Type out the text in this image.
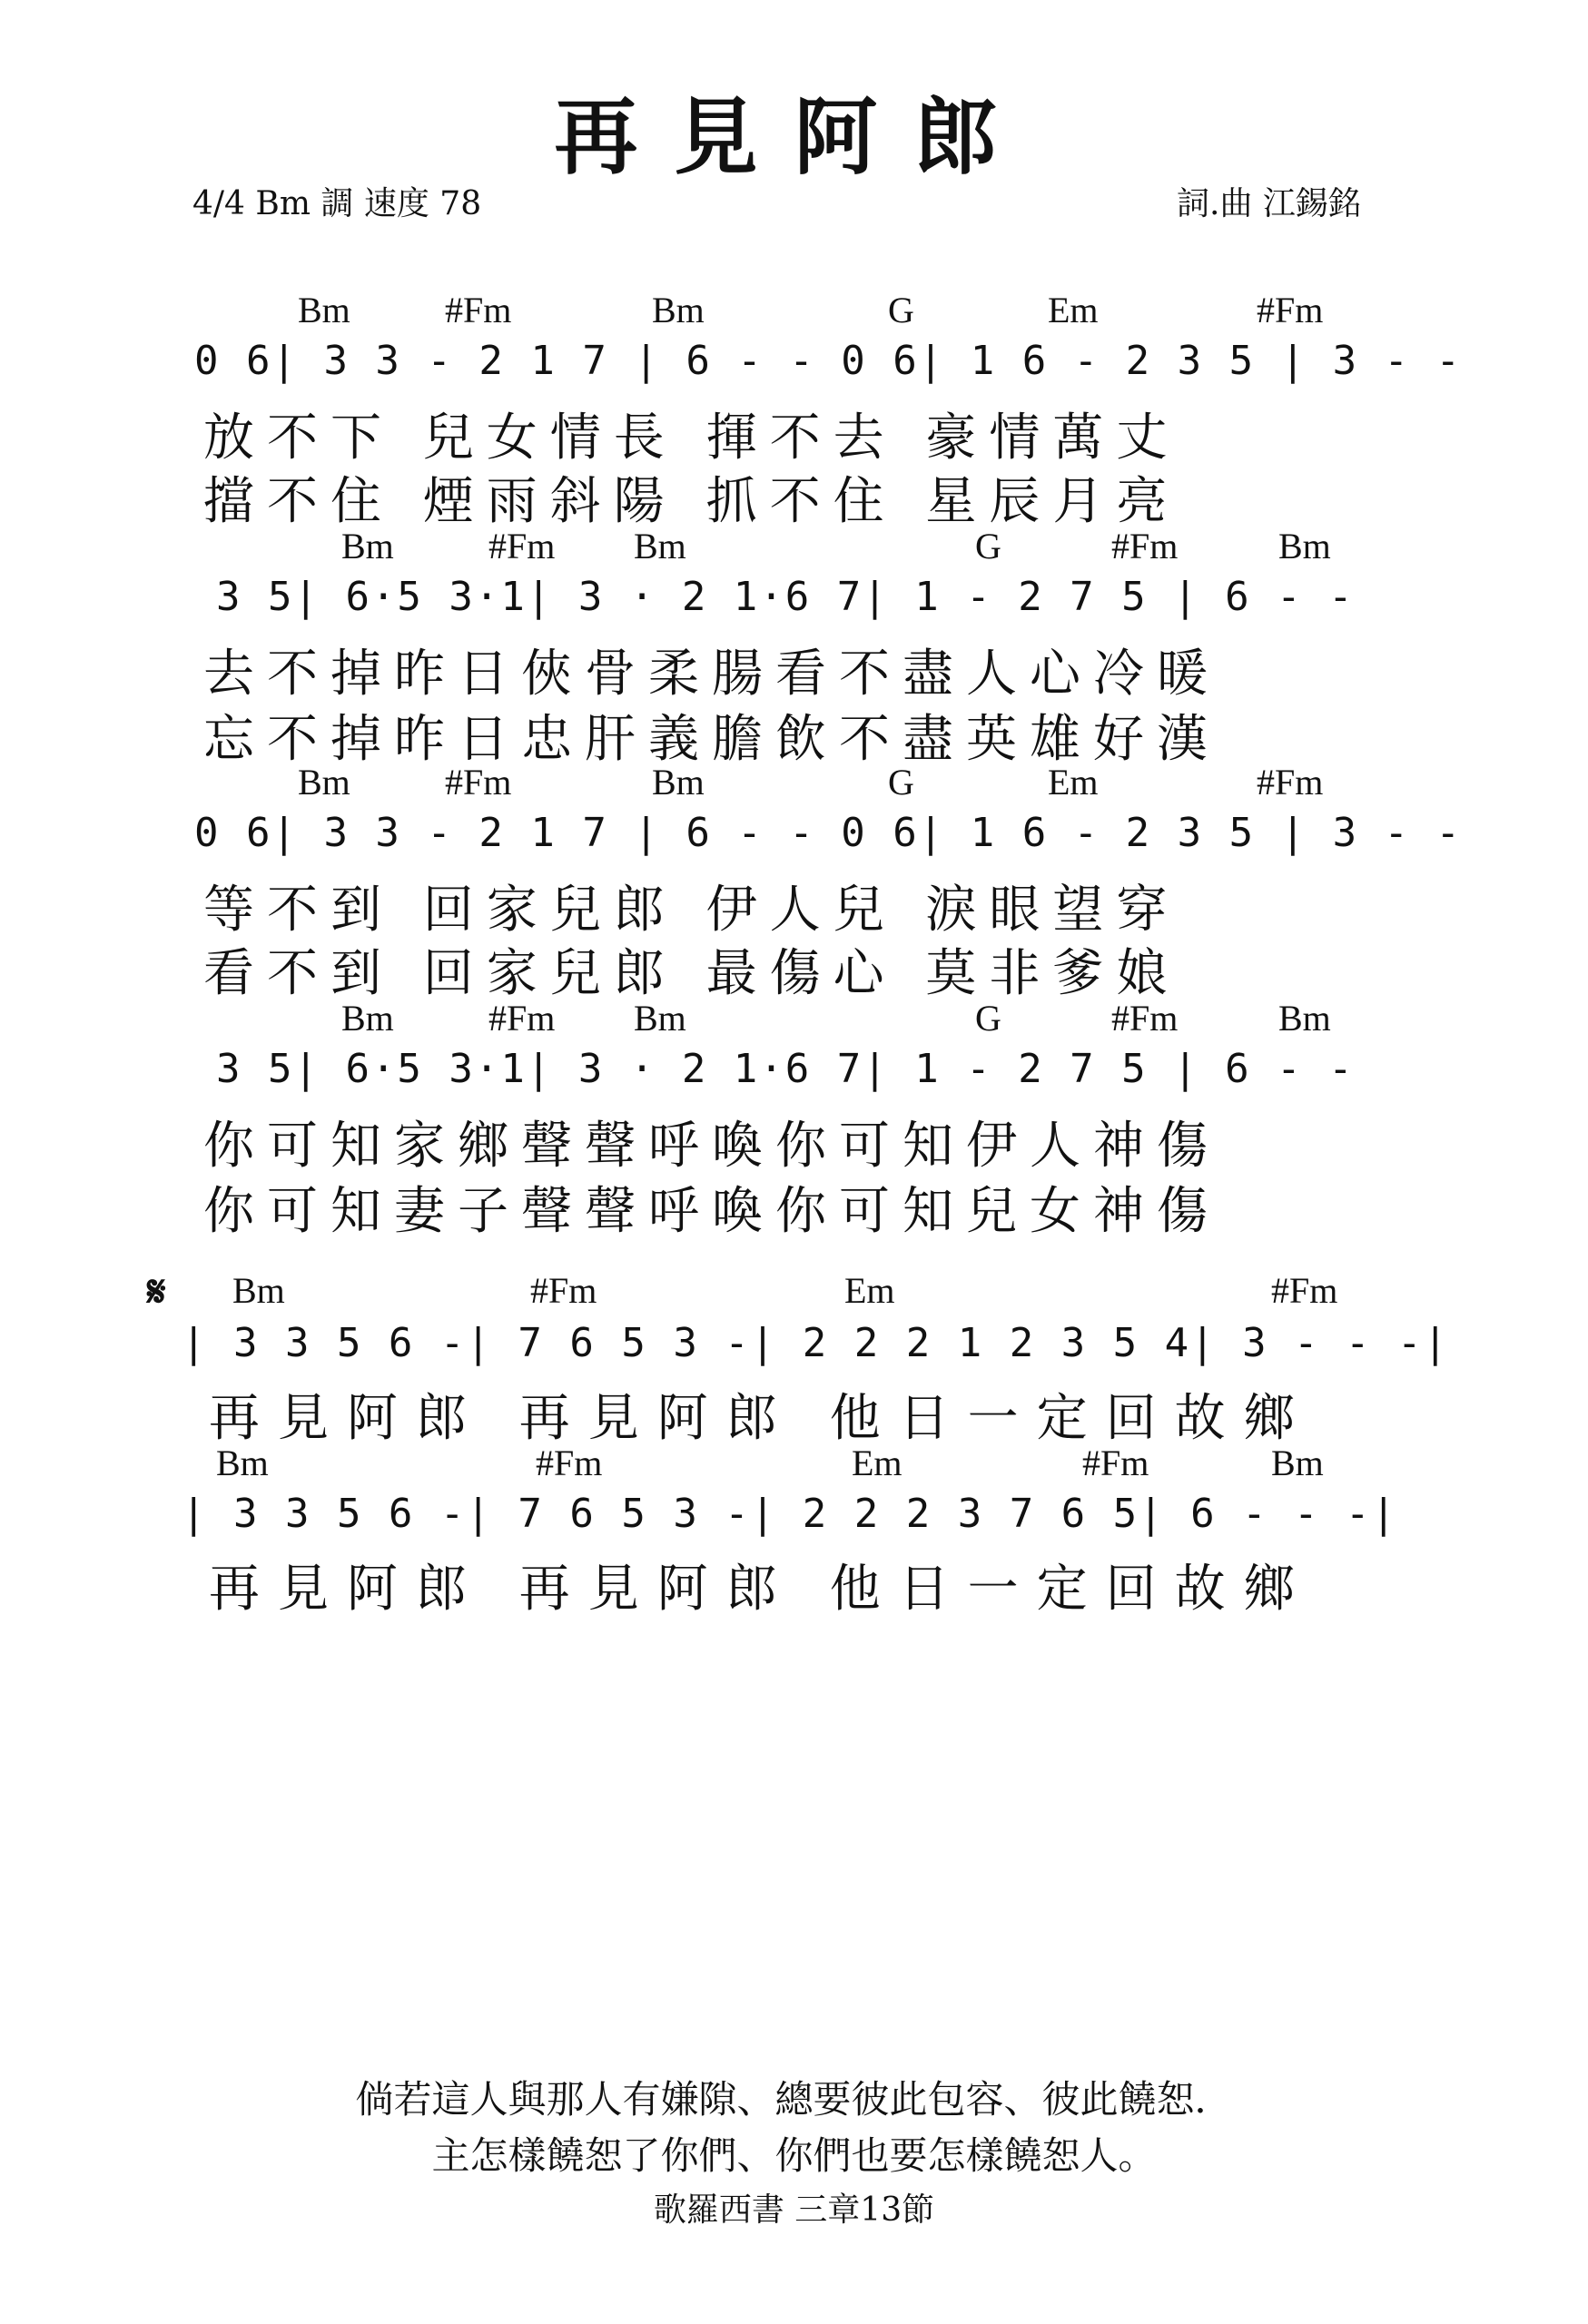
再見阿郎
4/4 Bm 調 速度 78	詞.曲 江錫銘
Bm	#Fm	Bm	G	Em	#Fm
0 6| 3 3 - 2 1 7 | 6 - - 0 6| 1 6 - 2 3 5 | 3 - -
放不下 兒女情長 揮不去 豪情萬丈
擋不住 煙雨斜陽 抓不住 星辰月亮
Bm	#Fm Bm	G	#Fm	Bm
3 5| 6·5 3·1| 3 · 2 1·6 7| 1 - 2 7 5 | 6 - -
去不掉昨日俠骨柔腸看不盡人心冷暖
忘不掉昨日忠肝義膽飲不盡英雄好漢
Bm	#Fm	Bm	G	Em	#Fm
0 6| 3 3 - 2 1 7 | 6 - - 0 6| 1 6 - 2 3 5 | 3 - -
等不到 回家兒郎 伊人兒 淚眼望穿
看不到 回家兒郎 最傷心 莫非爹娘
Bm	#Fm Bm	G	#Fm	Bm
3 5| 6·5 3·1| 3 · 2 1·6 7| 1 - 2 7 5 | 6 - -
你可知家鄉聲聲呼喚你可知伊人神傷
你可知妻子聲聲呼喚你可知兒女神傷
𝄋 Bm	#Fm	Em	#Fm
| 3 3 5 6 -| 7 6 5 3 -| 2 2 2 1 2 3 5 4| 3 - - -|
再見阿郎 再見阿郎 他日一定回故鄉
Bm	#Fm	Em	#Fm	Bm
| 3 3 5 6 -| 7 6 5 3 -| 2 2 2 3 7 6 5| 6 - - -|
再見阿郎 再見阿郎 他日一定回故鄉
倘若這人與那人有嫌隙、總要彼此包容、彼此饒恕．
主怎樣饒恕了你們、你們也要怎樣饒恕人。
歌羅西書 三章13節
